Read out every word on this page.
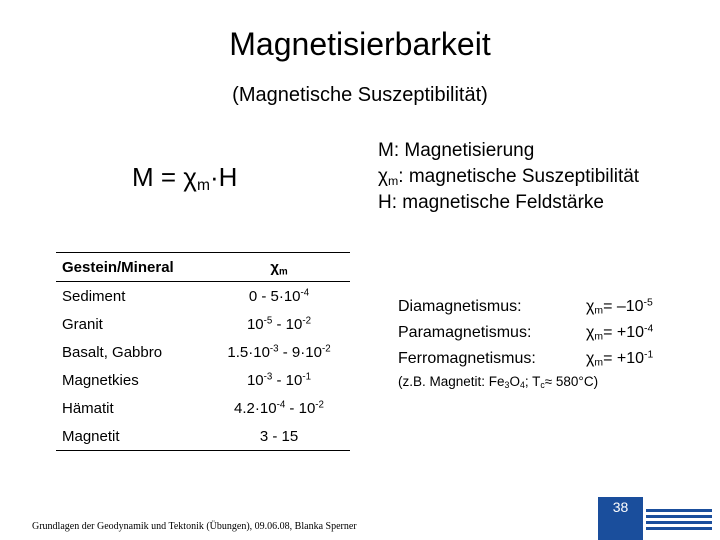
Magnetisierbarkeit
(Magnetische Suszeptibilität)
$M = \chi_m\cdot H$
M: Magnetisierung
$\chi_m$: magnetische Suszeptibilität
H: magnetische Feldstärke
Gestein/Mineral	$\chi_m$
Sediment	$0 - 5\cdot 10^{-4}$
Granit	$10^{-5} - 10^{-2}$
Basalt, Gabbro	$1.5\cdot 10^{-3} - 9\cdot 10^{-2}$
Magnetkies	$10^{-3} - 10^{-1}$
Hämatit	$4.2\cdot 10^{-4} - 10^{-2}$
Magnetit	3 - 15
Diamagnetismus:	$\chi_m= -10^{-5}$
Paramagnetismus:	$\chi_m= +10^{-4}$
Ferromagnetismus:	$\chi_m= +10^{-1}$
(z.B. Magnetit: $Fe_3O_4$; $T_c\approx 580^\circ C$)
Grundlagen der Geodynamik und Tektonik (Übungen), 09.06.08, Blanka Sperner
38
